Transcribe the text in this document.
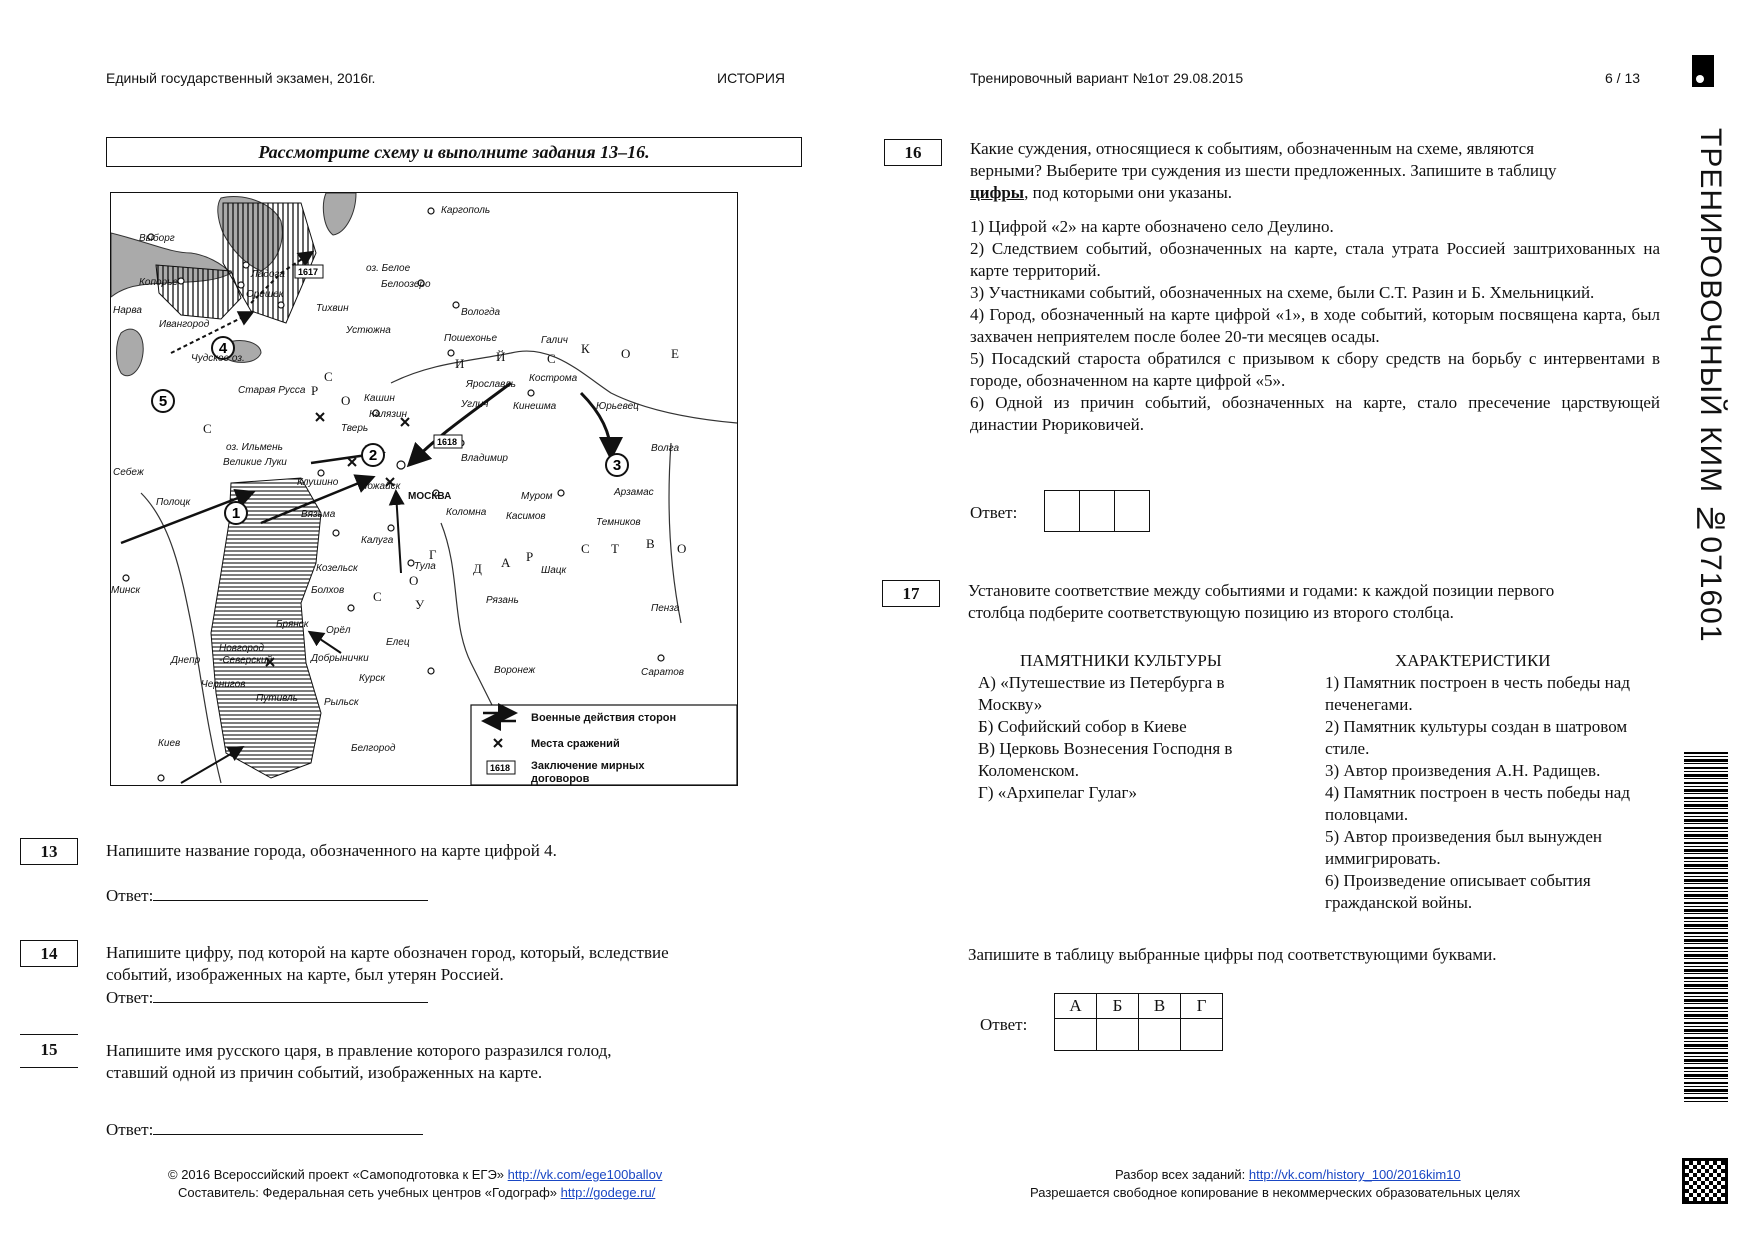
Единый государственный экзамен, 2016г.	ИСТОРИЯ	Тренировочный вариант №1от 29.08.2015	6 / 13
ТРЕНИРОВОЧНЫЙ КИМ №071601
Рассмотрите схему и выполните задания 13–16.
1
2
3
4
5
1617
1618
Выборг
Копорье
Ладога
Орешек
Нарва
Ивангород
Тихвин
Каргополь
оз. Белое
Белоозеро
Вологда
Устюжна
Пошехонье	Галич
Кострома
Ярославль
Кашин
Углич
Калязин
Кинешма	Юрьевец
Тверь
Владимир
Старая Русса
оз. Ильмень
Великие Луки
Себеж
Полоцк
Клушино Можайск
МОСКВА
Вязьма	Коломна
Муром
Касимов
Арзамас
Темников
Калуга
Тула
Козельск	Шацк
Рязань
Болхов
Брянск
Пенза
Новгород
-Северский
Чернигов
Путивль
Орёл
Елец
Добрынички
Курск
Рыльск
Воронеж	Саратов
Белгород
Киев
Минск
Чудское оз.
Волга
Днепр
Р
О
С
С
И Й	С
К О	Е
Г
О
С
У
Д А Р
С Т В О
1618
Военные действия сторон
Места сражений
Заключение мирных
договоров
13	Напишите название города, обозначенного на карте цифрой 4.
Ответ:
14	Напишите цифру, под которой на карте обозначен город, который, вследствие
событий, изображенных на карте, был утерян Россией.
Ответ:
15	Напишите имя русского царя, в правление которого разразился голод,
ставший одной из причин событий, изображенных на карте.
Ответ:
16	Какие суждения, относящиеся к событиям, обозначенным на схеме, являются
верными? Выберите три суждения из шести предложенных. Запишите в таблицу
цифры, под которыми они указаны.
1) Цифрой «2» на карте обозначено село Деулино.
2) Следствием событий, обозначенных на карте, стала утрата Россией заштрихованных на карте территорий.
3) Участниками событий, обозначенных на схеме, были С.Т. Разин и Б. Хмельницкий.
4) Город, обозначенный на карте цифрой «1», в ходе событий, которым посвящена карта, был захвачен неприятелем после более 20-ти месяцев осады.
5) Посадский староста обратился с призывом к сбору средств на борьбу с интервентами в городе, обозначенном на карте цифрой «5».
6) Одной из причин событий, обозначенных на карте, стало пресечение царствующей династии Рюриковичей.
Ответ:
17	Установите соответствие между событиями и годами: к каждой позиции первого
столбца подберите соответствующую позицию из второго столбца.
ПАМЯТНИКИ КУЛЬТУРЫ	ХАРАКТЕРИСТИКИ
А) «Путешествие из Петербурга в Москву»
Б) Софийский собор в Киеве
В) Церковь Вознесения Господня в Коломенском.
Г) «Архипелаг Гулаг»
1) Памятник построен в честь победы над печенегами.
2) Памятник культуры создан в шатровом стиле.
3) Автор произведения А.Н. Радищев.
4) Памятник построен в честь победы над половцами.
5) Автор произведения был вынужден иммигрировать.
6) Произведение описывает события гражданской войны.
Запишите в таблицу выбранные цифры под соответствующими буквами.
Ответ:
А	Б	В	Г

© 2016 Всероссийский проект «Самоподготовка к ЕГЭ» http://vk.com/ege100ballov
Составитель: Федеральная сеть учебных центров «Годограф» http://godege.ru/
Разбор всех заданий: http://vk.com/history_100/2016kim10
Разрешается свободное копирование в некоммерческих образовательных целях
